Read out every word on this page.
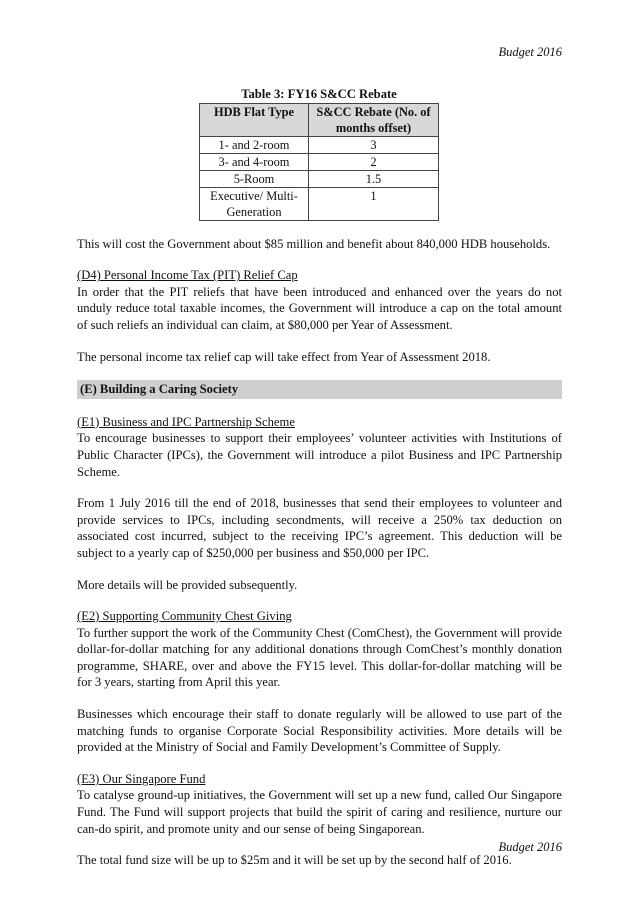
Budget 2016
Table 3: FY16 S&CC Rebate
HDB Flat Type	S&CC Rebate (No. of months offset)
1- and 2-room	3
3- and 4-room	2
5-Room	1.5
Executive/ Multi-Generation	1

This will cost the Government about $85 million and benefit about 840,000 HDB households.

(D4) Personal Income Tax (PIT) Relief Cap

In order that the PIT reliefs that have been introduced and enhanced over the years do not unduly reduce total taxable incomes, the Government will introduce a cap on the total amount of such reliefs an individual can claim, at $80,000 per Year of Assessment.

The personal income tax relief cap will take effect from Year of Assessment 2018.

(E) Building a Caring Society

(E1) Business and IPC Partnership Scheme

To encourage businesses to support their employees’ volunteer activities with Institutions of Public Character (IPCs), the Government will introduce a pilot Business and IPC Partnership Scheme.

From 1 July 2016 till the end of 2018, businesses that send their employees to volunteer and provide services to IPCs, including secondments, will receive a 250% tax deduction on associated cost incurred, subject to the receiving IPC’s agreement. This deduction will be subject to a yearly cap of $250,000 per business and $50,000 per IPC.

More details will be provided subsequently.

(E2) Supporting Community Chest Giving

To further support the work of the Community Chest (ComChest), the Government will provide dollar-for-dollar matching for any additional donations through ComChest’s monthly donation programme, SHARE, over and above the FY15 level. This dollar-for-dollar matching will be for 3 years, starting from April this year.

Businesses which encourage their staff to donate regularly will be allowed to use part of the matching funds to organise Corporate Social Responsibility activities. More details will be provided at the Ministry of Social and Family Development’s Committee of Supply.

(E3) Our Singapore Fund

To catalyse ground-up initiatives, the Government will set up a new fund, called Our Singapore Fund. The Fund will support projects that build the spirit of caring and resilience, nurture our can-do spirit, and promote unity and our sense of being Singaporean.

The total fund size will be up to $25m and it will be set up by the second half of 2016.

Budget 2016
